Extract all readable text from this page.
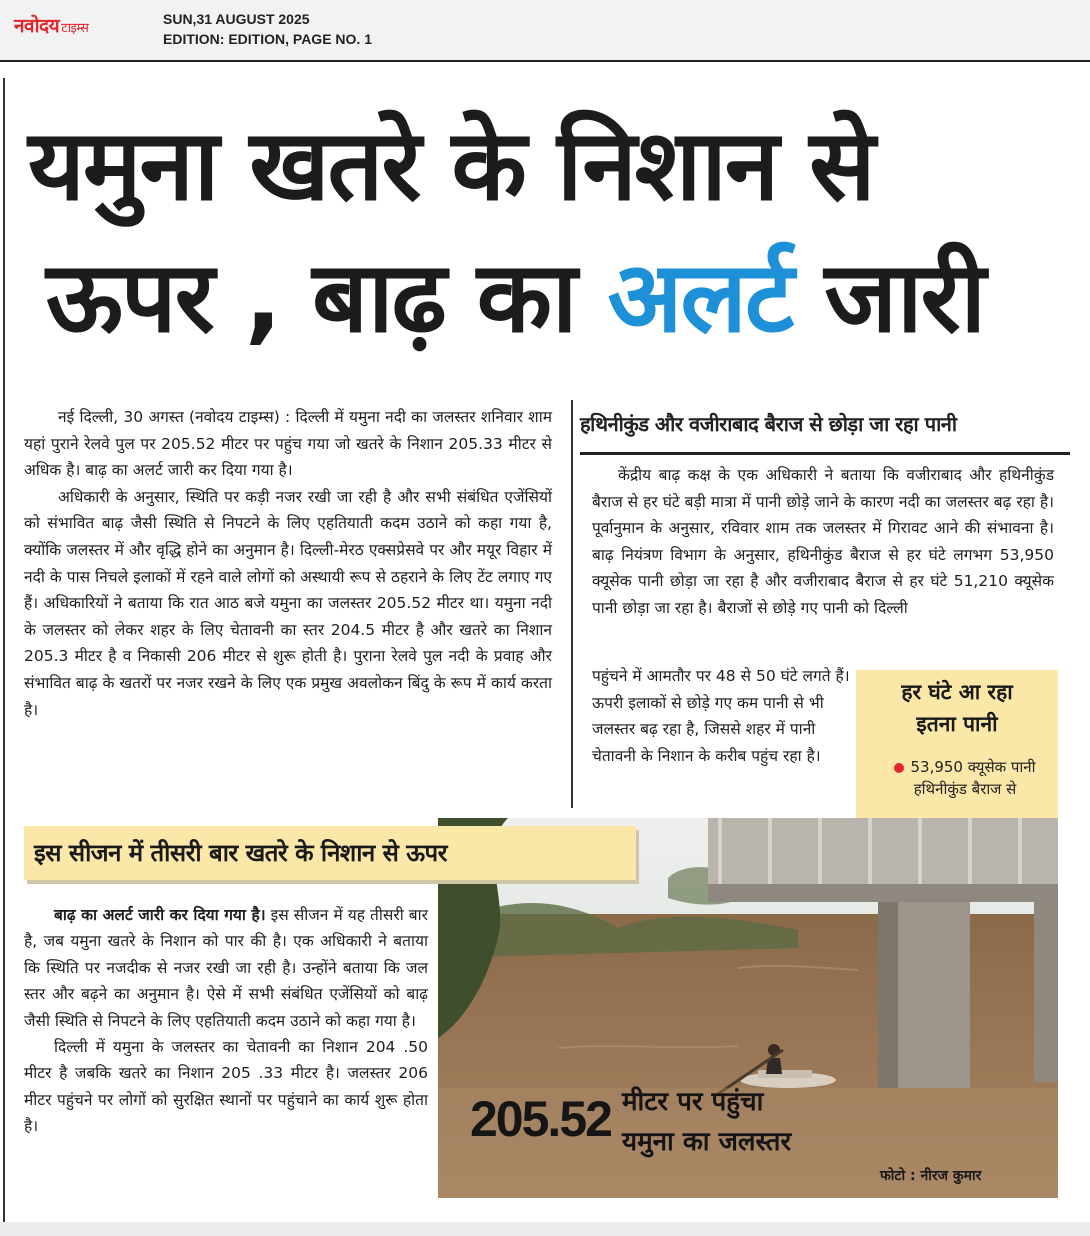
नवोदय टाइम्स
SUN,31 AUGUST 2025
EDITION: EDITION, PAGE NO. 1
यमुना खतरे के निशान से
ऊपर , बाढ़ का अलर्ट जारी

नई दिल्ली, 30 अगस्त (नवोदय टाइम्स) : दिल्ली में यमुना नदी का जलस्तर शनिवार शाम यहां पुराने रेलवे पुल पर 205.52 मीटर पर पहुंच गया जो खतरे के निशान 205.33 मीटर से अधिक है। बाढ़ का अलर्ट जारी कर दिया गया है।

अधिकारी के अनुसार, स्थिति पर कड़ी नजर रखी जा रही है और सभी संबंधित एजेंसियों को संभावित बाढ़ जैसी स्थिति से निपटने के लिए एहतियाती कदम उठाने को कहा गया है, क्योंकि जलस्तर में और वृद्धि होने का अनुमान है। दिल्ली-मेरठ एक्सप्रेसवे पर और मयूर विहार में नदी के पास निचले इलाकों में रहने वाले लोगों को अस्थायी रूप से ठहराने के लिए टेंट लगाए गए हैं। अधिकारियों ने बताया कि रात आठ बजे यमुना का जलस्तर 205.52 मीटर था। यमुना नदी के जलस्तर को लेकर शहर के लिए चेतावनी का स्तर 204.5 मीटर है और खतरे का निशान 205.3 मीटर है व निकासी 206 मीटर से शुरू होती है। पुराना रेलवे पुल नदी के प्रवाह और संभावित बाढ़ के खतरों पर नजर रखने के लिए एक प्रमुख अवलोकन बिंदु के रूप में कार्य करता है।

हथिनीकुंड और वजीराबाद बैराज से छोड़ा जा रहा पानी

केंद्रीय बाढ़ कक्ष के एक अधिकारी ने बताया कि वजीराबाद और हथिनीकुंड बैराज से हर घंटे बड़ी मात्रा में पानी छोड़े जाने के कारण नदी का जलस्तर बढ़ रहा है। पूर्वानुमान के अनुसार, रविवार शाम तक जलस्तर में गिरावट आने की संभावना है। बाढ़ नियंत्रण विभाग के अनुसार, हथिनीकुंड बैराज से हर घंटे लगभग 53,950 क्यूसेक पानी छोड़ा जा रहा है और वजीराबाद बैराज से हर घंटे 51,210 क्यूसेक पानी छोड़ा जा रहा है। बैराजों से छोड़े गए पानी को दिल्ली

पहुंचने में आमतौर पर 48 से 50 घंटे लगते हैं। ऊपरी इलाकों से छोड़े गए कम पानी से भी जलस्तर बढ़ रहा है, जिससे शहर में पानी चेतावनी के निशान के करीब पहुंच रहा है।
हर घंटे आ रहा
इतना पानी
53,950 क्यूसेक पानी
हथिनीकुंड बैराज से
इस सीजन में तीसरी बार खतरे के निशान से ऊपर

बाढ़ का अलर्ट जारी कर दिया गया है। इस सीजन में यह तीसरी बार है, जब यमुना खतरे के निशान को पार की है। एक अधिकारी ने बताया कि स्थिति पर नजदीक से नजर रखी जा रही है। उन्होंने बताया कि जल स्तर और बढ़ने का अनुमान है। ऐसे में सभी संबंधित एजेंसियों को बाढ़ जैसी स्थिति से निपटने के लिए एहतियाती कदम उठाने को कहा गया है।

दिल्ली में यमुना के जलस्तर का चेतावनी का निशान 204 .50 मीटर है जबकि खतरे का निशान 205 .33 मीटर है। जलस्तर 206 मीटर पहुंचने पर लोगों को सुरक्षित स्थानों पर पहुंचाने का कार्य शुरू होता है।	205.52 मीटर पर पहुंचा
यमुना का जलस्तर
फोटो : नीरज कुमार
